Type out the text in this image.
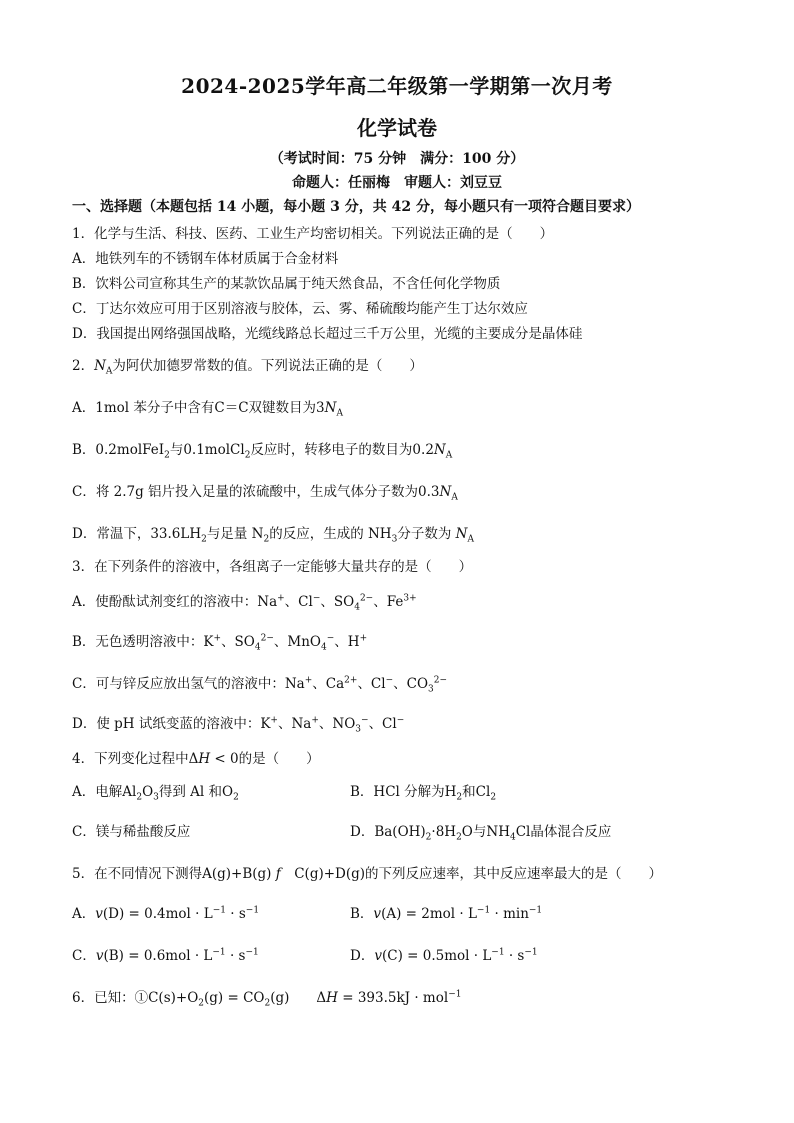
2024-2025学年高二年级第一学期第一次月考
化学试卷
（考试时间：75 分钟　满分：100 分）
命题人：任丽梅　审题人：刘豆豆
一、选择题（本题包括 14 小题，每小题 3 分，共 42 分，每小题只有一项符合题目要求）
1．化学与生活、科技、医药、工业生产均密切相关。下列说法正确的是（　　）
A．地铁列车的不锈钢车体材质属于合金材料
B．饮料公司宣称其生产的某款饮品属于纯天然食品，不含任何化学物质
C．丁达尔效应可用于区别溶液与胶体，云、雾、稀硫酸均能产生丁达尔效应
D．我国提出网络强国战略，光缆线路总长超过三千万公里，光缆的主要成分是晶体硅
2．$N_A$为阿伏加德罗常数的值。下列说法正确的是（　　）
A．1mol 苯分子中含有C＝C双键数目为$3N_A$
B．0.2molFeI$_2$与0.1molCl$_2$反应时，转移电子的数目为$0.2N_A$
C．将 2.7g 铝片投入足量的浓硫酸中，生成气体分子数为$0.3N_A$
D．常温下，$33.6LH_2$与足量 $N_2$的反应，生成的 $NH_3$分子数为 $N_A$
3．在下列条件的溶液中，各组离子一定能够大量共存的是（　　）
A．使酚酞试剂变红的溶液中：Na+、Cl−、$SO_4^{2-}$、$Fe^{3+}$
B．无色透明溶液中：K+、$SO_4^{2-}$、MnO$_4$−、H+
C．可与锌反应放出氢气的溶液中：Na+、$Ca^{2+}$、Cl−、$CO_3^{2-}$
D．使 pH 试纸变蓝的溶液中：K+、Na+、$NO_3^-$、Cl−
4．下列变化过程中ΔH < 0的是（　　）
A．电解$Al_2O_3$得到 Al 和$O_2$	B．HCl 分解为$H_2$和$Cl_2$
C．镁与稀盐酸反应	D．$Ba(OH)_2\cdot 8H_2O$与$NH_4Cl$晶体混合反应
5．在不同情况下测得A(g)+B(g) f　C(g)+D(g)的下列反应速率，其中反应速率最大的是（　　）
A．$v(D) = 0.4mol \cdot L^{-1} \cdot s^{-1}$	B．$v(A) = 2mol \cdot L^{-1} \cdot \min^{-1}$
C．$v(B) = 0.6mol \cdot L^{-1} \cdot s^{-1}$	D．$v(C) = 0.5mol \cdot L^{-1} \cdot s^{-1}$
6．已知：$①C(s)+O_2(g) = CO_2(g)$　　ΔH = 393.5kJ · mol$^{-1}$
